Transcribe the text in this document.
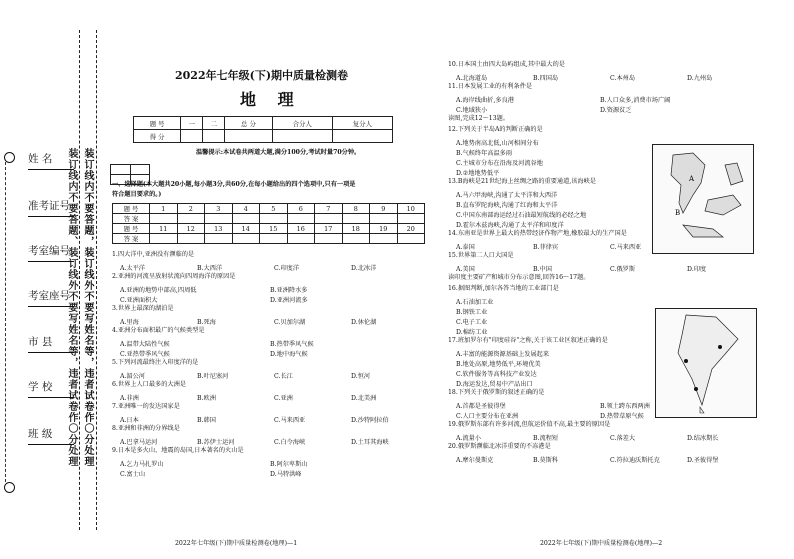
装订线内不要答题，装订线外不要写姓名等，违者试卷作〇分处理
装订线内不要答题、装订线外不要写姓名等，违者试卷作〇分处理
姓 名
准考证号
考室编号
考室座号
市 县
学 校
班 级
2022年七年级(下)期中质量检测卷
地 理
题 号	一	二	总 分	合分人	复分人
得 分					
温馨提示:本试卷共两道大题,满分100分,考试时量70分钟。

一、选择题(本大题共20小题,每小题3分,共60分,在每小题给出的四个选项中,只有一项是
符合题目要求的。)
题 号	1	2	3	4	5	6	7	8	9	10
答 案										
题 号	11	12	13	14	15	16	17	18	19	20
答 案										
1.四大洋中,亚洲没有濒临的是
A.太平洋	B.大西洋	C.印度洋	D.北冰洋
2.亚洲的河流呈放射状流向四周海洋的原因是
A.亚洲的地势中部高,四周低	B.亚洲降水多
C.亚洲面积大	D.亚洲河流多
3.世界上最深的湖泊是
A.里海	B.死海	C.贝加尔湖	D.休伦湖
4.亚洲分布面积最广的气候类型是
A.温带大陆性气候	B.热带季风气候
C.亚热带季风气候	D.地中海气候
5.下列河流最终注入印度洋的是
A.湄公河	B.叶尼塞河	C.长江	D.恒河
6.世界上人口最多的大洲是
A.非洲	B.欧洲	C.亚洲	D.北美洲
7.亚洲唯一的发达国家是
A.日本	B.韩国	C.马来西亚	D.沙特阿拉伯
8.亚洲和非洲的分界线是
A.巴拿马运河	B.苏伊士运河	C.白令海峡	D.土耳其海峡
9.日本是多火山、地震的岛国,日本著名的火山是
A.乞力马扎罗山	B.阿尔卑斯山
C.富士山	D.马特洪峰
10.日本国土由四大岛屿组成,其中最大的是
A.北海道岛	B.四国岛	C.本州岛	D.九州岛
11.日本发展工业的有利条件是
A.海岸线曲折,多良港	B.人口众多,消费市场广阔
C.地域狭小	D.资源贫乏
读图,完成12～13题。
12.下列关于半岛A的判断正确的是
A.地势南高北低,山河相间分布
B.气候终年高温多雨
C.主城市分布在沿海及河流谷地
D.②地地势低平
13.B海峡是21世纪海上丝绸之路的重要通道,该海峡是
A.马六甲海峡,沟通了太平洋和大西洋
B.直布罗陀海峡,沟通了红海和太平洋
C.中国东南部海运经过石油最短航线的必经之地
D.霍尔木兹海峡,沟通了太平洋和印度洋
14.东南亚是世界上最大的热带经济作物产地,橡胶最大的生产国是
A.泰国	B.菲律宾	C.马来西亚
15.世界第二人口大国是
A.美国	B.中国	C.俄罗斯	D.印度
读印度主要矿产和城市分布示意图,回答16～17题。
16.据图判断,加尔各答当地的工业部门是
A.石油加工业
B.钢铁工业
C.电子工业
D.棉纺工业
17.班加罗尔有"印度硅谷"之称,关于该工业区叙述正确的是
A.丰富的能源资源基础上发展起来
B.地处高原,地势低平,环境优美
C.软件服务等高科技产业发达
D.海运发达,贸易中产品出口
18.下列关于俄罗斯的叙述正确的是
A.首都是圣彼得堡	B.领土跨东西两洲
C.人口主要分布在亚洲	D.热带草原气候
19.俄罗斯东部有许多河流,但航运价值不高,最主要的原因是
A.流量小	B.流程短	C.落差大	D.结冰期长
20.俄罗斯濒临北冰洋重要的不冻港是
A.摩尔曼斯克	B.莫斯科	C.符拉迪沃斯托克	D.圣彼得堡
A
B
2022年七年级(下)期中质量检测卷(地理)—1	2022年七年级(下)期中质量检测卷(地理)—2
